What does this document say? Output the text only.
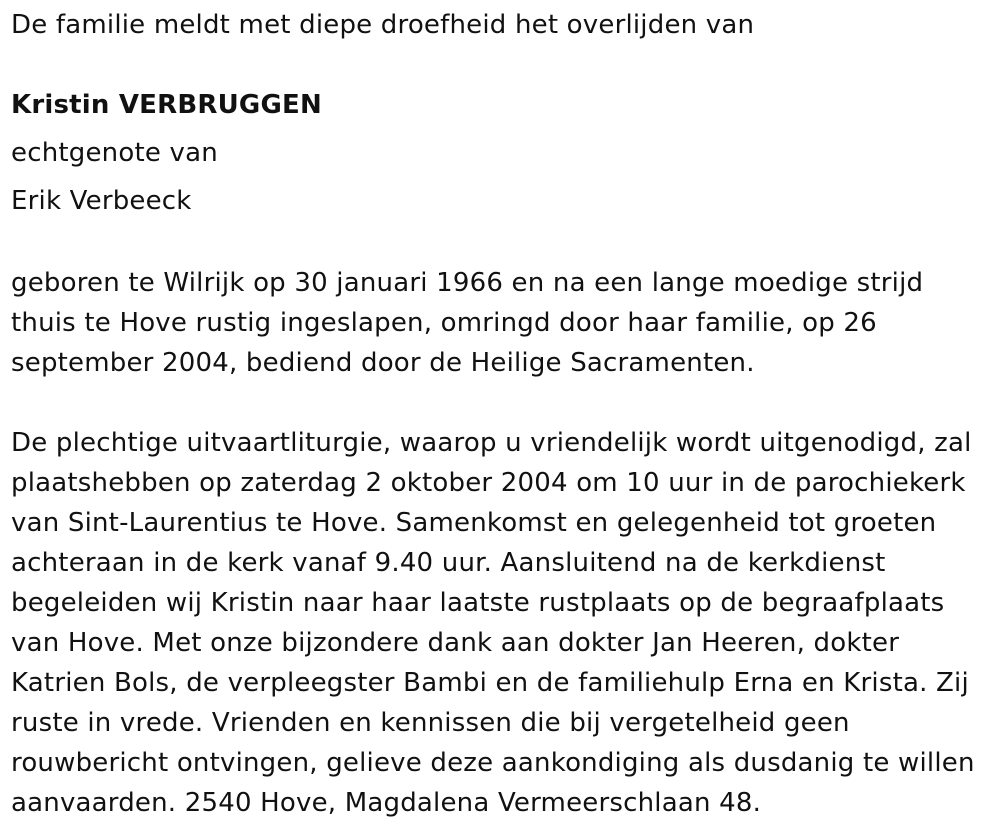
De familie meldt met diepe droefheid het overlijden van

Kristin VERBRUGGEN

echtgenote van

Erik Verbeeck

geboren te Wilrijk op 30 januari 1966 en na een lange moedige strijd

thuis te Hove rustig ingeslapen, omringd door haar familie, op 26

september 2004, bediend door de Heilige Sacramenten.

De plechtige uitvaartliturgie, waarop u vriendelijk wordt uitgenodigd, zal

plaatshebben op zaterdag 2 oktober 2004 om 10 uur in de parochiekerk

van Sint-Laurentius te Hove. Samenkomst en gelegenheid tot groeten

achteraan in de kerk vanaf 9.40 uur. Aansluitend na de kerkdienst

begeleiden wij Kristin naar haar laatste rustplaats op de begraafplaats

van Hove. Met onze bijzondere dank aan dokter Jan Heeren, dokter

Katrien Bols, de verpleegster Bambi en de familiehulp Erna en Krista. Zij

ruste in vrede. Vrienden en kennissen die bij vergetelheid geen

rouwbericht ontvingen, gelieve deze aankondiging als dusdanig te willen

aanvaarden. 2540 Hove, Magdalena Vermeerschlaan 48.
